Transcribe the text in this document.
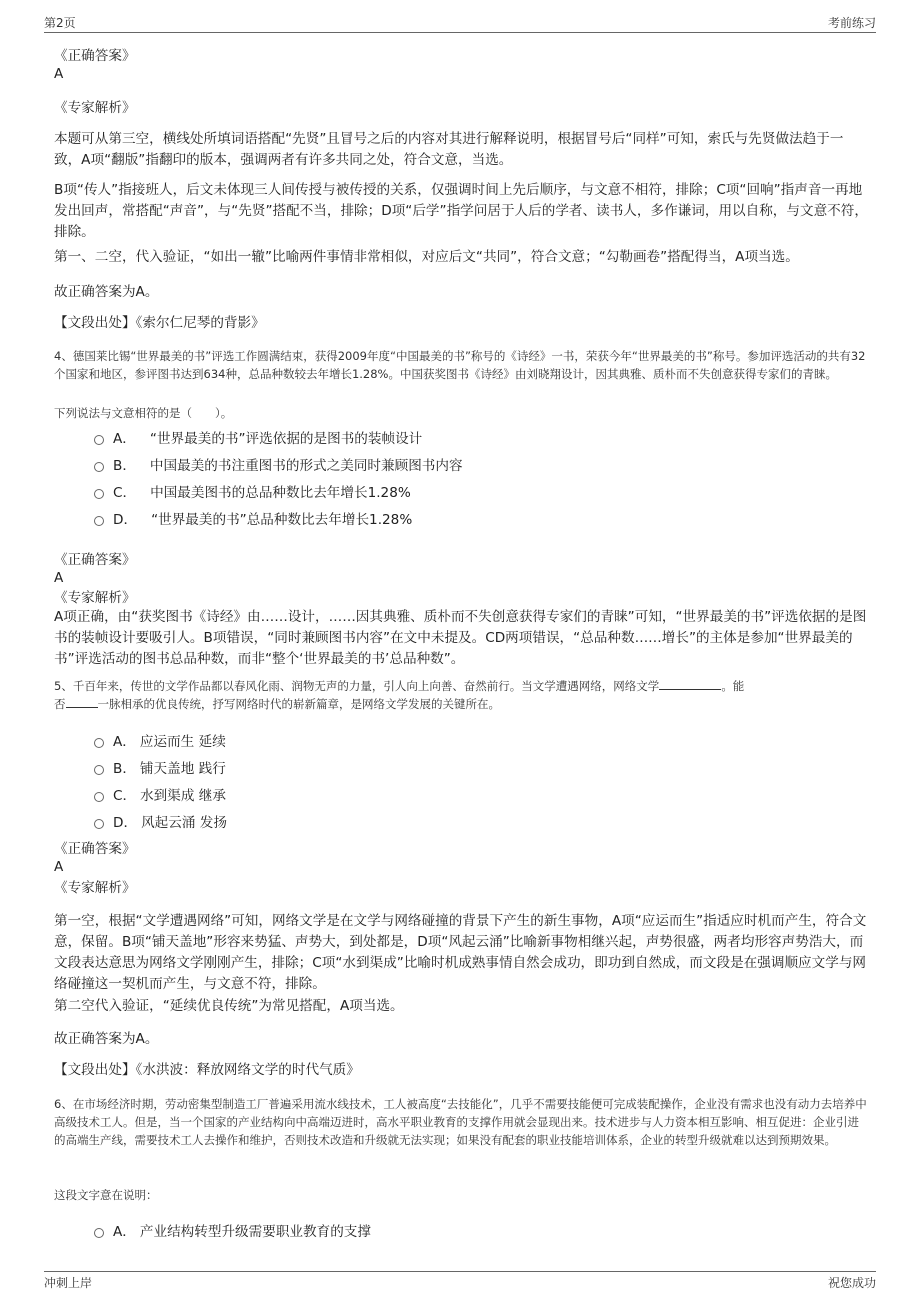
第2页	考前练习
《正确答案》
A
《专家解析》

本题可从第三空，横线处所填词语搭配“先贤”且冒号之后的内容对其进行解释说明，根据冒号后“同样”可知，索氏与先贤做法趋于一致，A项“翻版”指翻印的版本，强调两者有许多共同之处，符合文意，当选。

B项“传人”指接班人，后文未体现三人间传授与被传授的关系，仅强调时间上先后顺序，与文意不相符，排除；C项“回响”指声音一再地发出回声，常搭配“声音”，与“先贤”搭配不当，排除；D项“后学”指学问居于人后的学者、读书人，多作谦词，用以自称，与文意不符，排除。

第一、二空，代入验证，“如出一辙”比喻两件事情非常相似，对应后文“共同”，符合文意；“勾勒画卷”搭配得当，A项当选。

故正确答案为A。

【文段出处】《索尔仁尼琴的背影》

4、德国莱比锡“世界最美的书”评选工作圆满结束，获得2009年度“中国最美的书”称号的《诗经》一书，荣获今年“世界最美的书”称号。参加评选活动的共有32个国家和地区，参评图书达到634种，总品种数较去年增长1.28%。中国获奖图书《诗经》由刘晓翔设计，因其典雅、质朴而不失创意获得专家们的青睐。

下列说法与文意相符的是（　　）。

A． “世界最美的书”评选依据的是图书的装帧设计
B． 中国最美的书注重图书的形式之美同时兼顾图书内容
C． 中国最美图书的总品种数比去年增长1.28%
D． “世界最美的书”总品种数比去年增长1.28%
《正确答案》
A
《专家解析》

A项正确，由“获奖图书《诗经》由……设计，……因其典雅、质朴而不失创意获得专家们的青睐”可知，“世界最美的书”评选依据的是图书的装帧设计要吸引人。B项错误，“同时兼顾图书内容”在文中未提及。CD两项错误，“总品种数……增长”的主体是参加“世界最美的书”评选活动的图书总品种数，而非“整个‘世界最美的书’总品种数”。

5、千百年来，传世的文学作品都以春风化雨、润物无声的力量，引人向上向善、奋然前行。当文学遭遇网络，网络文学	。能
否	一脉相承的优良传统，抒写网络时代的崭新篇章，是网络文学发展的关键所在。
A． 应运而生 延续
B． 铺天盖地 践行
C． 水到渠成 继承
D． 风起云涌 发扬
《正确答案》
A
《专家解析》

第一空，根据“文学遭遇网络”可知，网络文学是在文学与网络碰撞的背景下产生的新生事物，A项“应运而生”指适应时机而产生，符合文意，保留。B项“铺天盖地”形容来势猛、声势大，到处都是，D项“风起云涌”比喻新事物相继兴起，声势很盛，两者均形容声势浩大，而文段表达意思为网络文学刚刚产生，排除；C项“水到渠成”比喻时机成熟事情自然会成功，即功到自然成，而文段是在强调顺应文学与网络碰撞这一契机而产生，与文意不符，排除。

第二空代入验证，“延续优良传统”为常见搭配，A项当选。

故正确答案为A。

【文段出处】《水洪波：释放网络文学的时代气质》

6、在市场经济时期，劳动密集型制造工厂普遍采用流水线技术，工人被高度“去技能化”，几乎不需要技能便可完成装配操作，企业没有需求也没有动力去培养中高级技术工人。但是，当一个国家的产业结构向中高端迈进时，高水平职业教育的支撑作用就会显现出来。技术进步与人力资本相互影响、相互促进：企业引进的高端生产线，需要技术工人去操作和维护，否则技术改造和升级就无法实现；如果没有配套的职业技能培训体系，企业的转型升级就难以达到预期效果。

这段文字意在说明：

A． 产业结构转型升级需要职业教育的支撑
冲刺上岸	祝您成功
